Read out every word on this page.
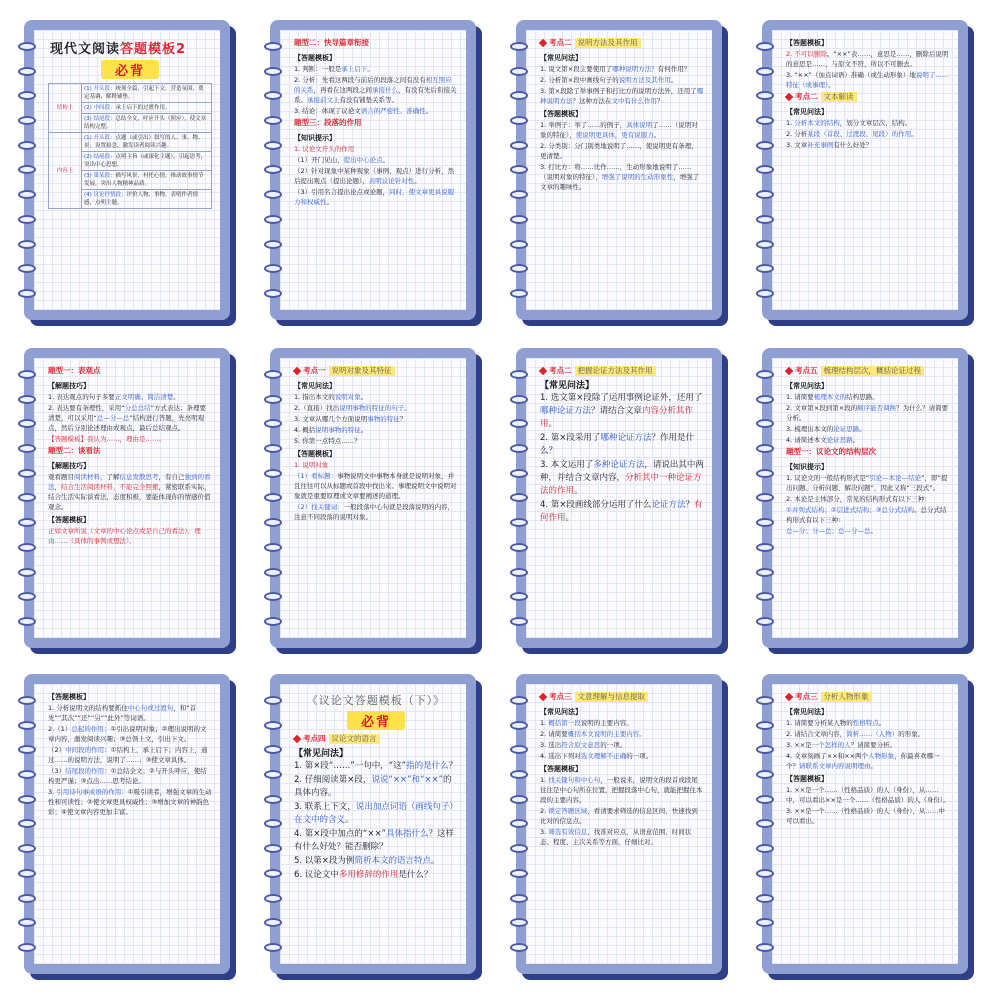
现代文阅读答题模板2
必背
结构上	(1) 开头段：统领全篇，引起下文，营造氛围，奠定基调，解释铺垫。
	(2) 中间段：承上启下的过渡作用。
	(3) 结尾段：总结全文，呼应开头（照应），使文章结构完整。
内容上	(1) 开头段：点题（或引出）叙写的人、事、物、景；设置悬念，激发读者阅读兴趣。
	(2) 结尾段：点明主旨（或深化主题），引起思考，突出中心思想。
	(3) 第某段：描写风景，衬托心情，推动故事情节发展，突出人物精神品质。
	(4) 议论抒情段：评价人物、事物，表明作者情感，点明主题。
题型二：快导篇章衔接
【答题模板】
1. 判断：一般是承上启下。
2. 分析：先看这两段与前后的段落之间有没有相互照应的关系，再看在这两段之间承接什么，有没有先后衔接关系。承接前文上有没有铺垫关系等。
3. 结论：体现了议论文语言的严密性、准确性。
题型三：段落的作用
【知识提示】
1. 议论文开头的作用
（1）开门见山，提出中心论点。
（2）针对现象中某种观象（事例、观点）进行分析，然后提出观点（提出论题），表明议论针对性。
（3）引用名言提出论点或论题，同时，使文章更具说服力和权威性。
考点二 说明方法及其作用
【常见问法】
1. 说文第×段主要使用了哪种说明方法？有何作用？
2. 分析第×段中画线句子的说明方法及其作用。
3. 第×段除了举事例子和打比方的说明方法外，还用了哪种说明方法？这种方法在文中有什么作用？
【答题模板】
1. 举例子：举了……的例子，具体说明了……（说明对象的特征），使说明更具体，更有说服力。
2. 分类别：分门别类地说明了……，使说明更有条理，更清楚。
3. 打比方：将……比作……，生动形象地说明了……（说明对象的特征），增强了说明的生动形象性，增强了文章的趣味性。
【答题模板】
2. 不可以删除。“××”表……，意思是……，删除后说明的意思是……，与原文不符，所以不可删去。
3. “××”（加点词语）准确（或生动形象）地说明了……特征（或事理）。
考点二 文本解读
【常见问法】
1. 分析本文的结构，划分文章层次，结构。
2. 分析某段（首段、过渡段、尾段）的作用。
3. 文章补充事例有什么好处？
题型一：表观点
【解题技巧】
1. 表达观点的句子多要正文明确、简洁清楚。
2. 表达要有条理性，采用“分总总结”方式表达；条理要清楚，可以采用“总—分—总”结构进行答题，先亮明观点，然后分别论述理由或观点，最后总结观点。
【答题模板】我认为……，理由是……。
题型二：谈看法
【解题技巧】
观看题目阅读材料，了解信息发散思考，有自己独到的看法，结合生活阅读材料，不能完全照搬，紧密联系实际，结合生活实际谈看法，态度积极，要能体现你的情感价值观念。
【答题模板】
正如文章所说（文章的中心论点或是自己的看法），理由……（具体的事例或想法）。
考点一 说明对象及其特征
【常见问法】
1. 指出本文的说明对象。
2.（直接）找出说明事物的特征的句子。
3. 文章从哪几个方面说明事物的特征？
4. 概括说明事物的特征。
5. 你第一点特点……？
【答题模板】
1. 说明对象
（1）看标题：事物说明文中事物本身就是说明对象，并且往往可以从标题或首段中找出来。事理说明文中说明对象就是重要原理或文章要阐述的道理。
（2）找关键词：一般段落中心句就是段落说明的内容，注意不同段落的说明对象。
考点二 把握论证方法及其作用
【常见问法】
1. 选文第×段除了运用事例论证外，还用了哪种论证方法？请结合文章内容分析其作用。
2. 第×段采用了哪种论证方法？作用是什么？
3. 本文运用了多种论证方法，请说出其中两种，并结合文章内容，分析其中一种论证方法的作用。
4. 第×段画线部分运用了什么论证方法？有何作用。
考点五 梳理结构层次，概括论证过程
【常见问法】
1. 请简要梳理本文的结构思路。
2. 文章第×段到第×段的顺序能否调换？为什么？请简要分析。
3. 梳理出本文的论证思路。
4. 请简述本文论证思路。
题型一：议论文的结构层次
【知识提示】
1. 议论文的一般结构形式是“引论—本论—结论”，即“提出问题、分析问题、解决问题”，因此又称“三段式”。
2. 本论是主体部分，常见的结构形式有以下三种：
①并列式结构；②层进式结构；③总分式结构。总分式结构形式有以下三种：
总—分；分—总；总—分—总。
【答题模板】
1. 分析说明文的结构要抓住中心句或过渡句，和“首先”“其次”“还”“另”“此外”等词语。
2.（1）总起的作用：①引出说明对象；②理出说明的文章内容，激发阅读兴趣；③总领上文，引出下文。
（2）中间段的作用：①结构上，承上启下；内容上，通过……的说明方法，说明了……；③使文章具体。
（3）结尾段的作用：①总结全文；②与开头呼应，使结构更严谨；③点出……思考结论。
3. 引用诗句事成语的作用：①吸引读者，增强文章的生动性和可读性；②使文章更具权威性；③增加文章的神韵色彩；④使文章内容更加丰富。
《议论文答题模板（下）》
必背
考点四 议论文的语言
【常见问法】
1. 第×段“……”一句中，“这”指的是什么？
2. 仔细阅读第×段，说说“××”和“××”的具体内容。
3. 联系上下文，说出加点词语（画线句子）在文中的含义。
4. 第×段中加点的“××”具体指什么？这样有什么好处？能否删除？
5. 以第×段为例简析本文的语言特点。
6. 议论文中多用修辞的作用是什么？
考点三 文意理解与信息提取
【常见问法】
1. 概括第一段说明的主要内容。
2. 请简要概括本文说明的主要内容。
3. 选出符合原文意思的一项。
4. 选出下列对选文理解不正确的一项。
【答题模板】
1. 找关键句和中心句，一般说来，说明文的段首或段尾往往是中心句所在位置，把握段落中心句，就能把握住本段的主要内容。
2. 锁定答题区域，看清要求筛选的信息区间，快速找到比对的信息点。
3. 筛选有效信息，找准对应点，从语意范围、时间状态、程度、主次关系等方面，仔细比对。
考点三 分析人物形象
【常见问法】
1. 请简要分析某人物的性格特点。
2. 请结合文章内容，简析……（人物）的形象。
3. ××是一个怎样的人？请简要分析。
4. 文章刻画了××和××两个人物形象，你最喜欢哪一个？请联系文章内容说明理由。
【答题模板】
1. ××是一个……（性格品质）的人（身份），从……中，可以看出××是一个……（性格品质）的人（身份）。
3. ××是一个……（性格品质）的人（身份），从……中可以看出。
